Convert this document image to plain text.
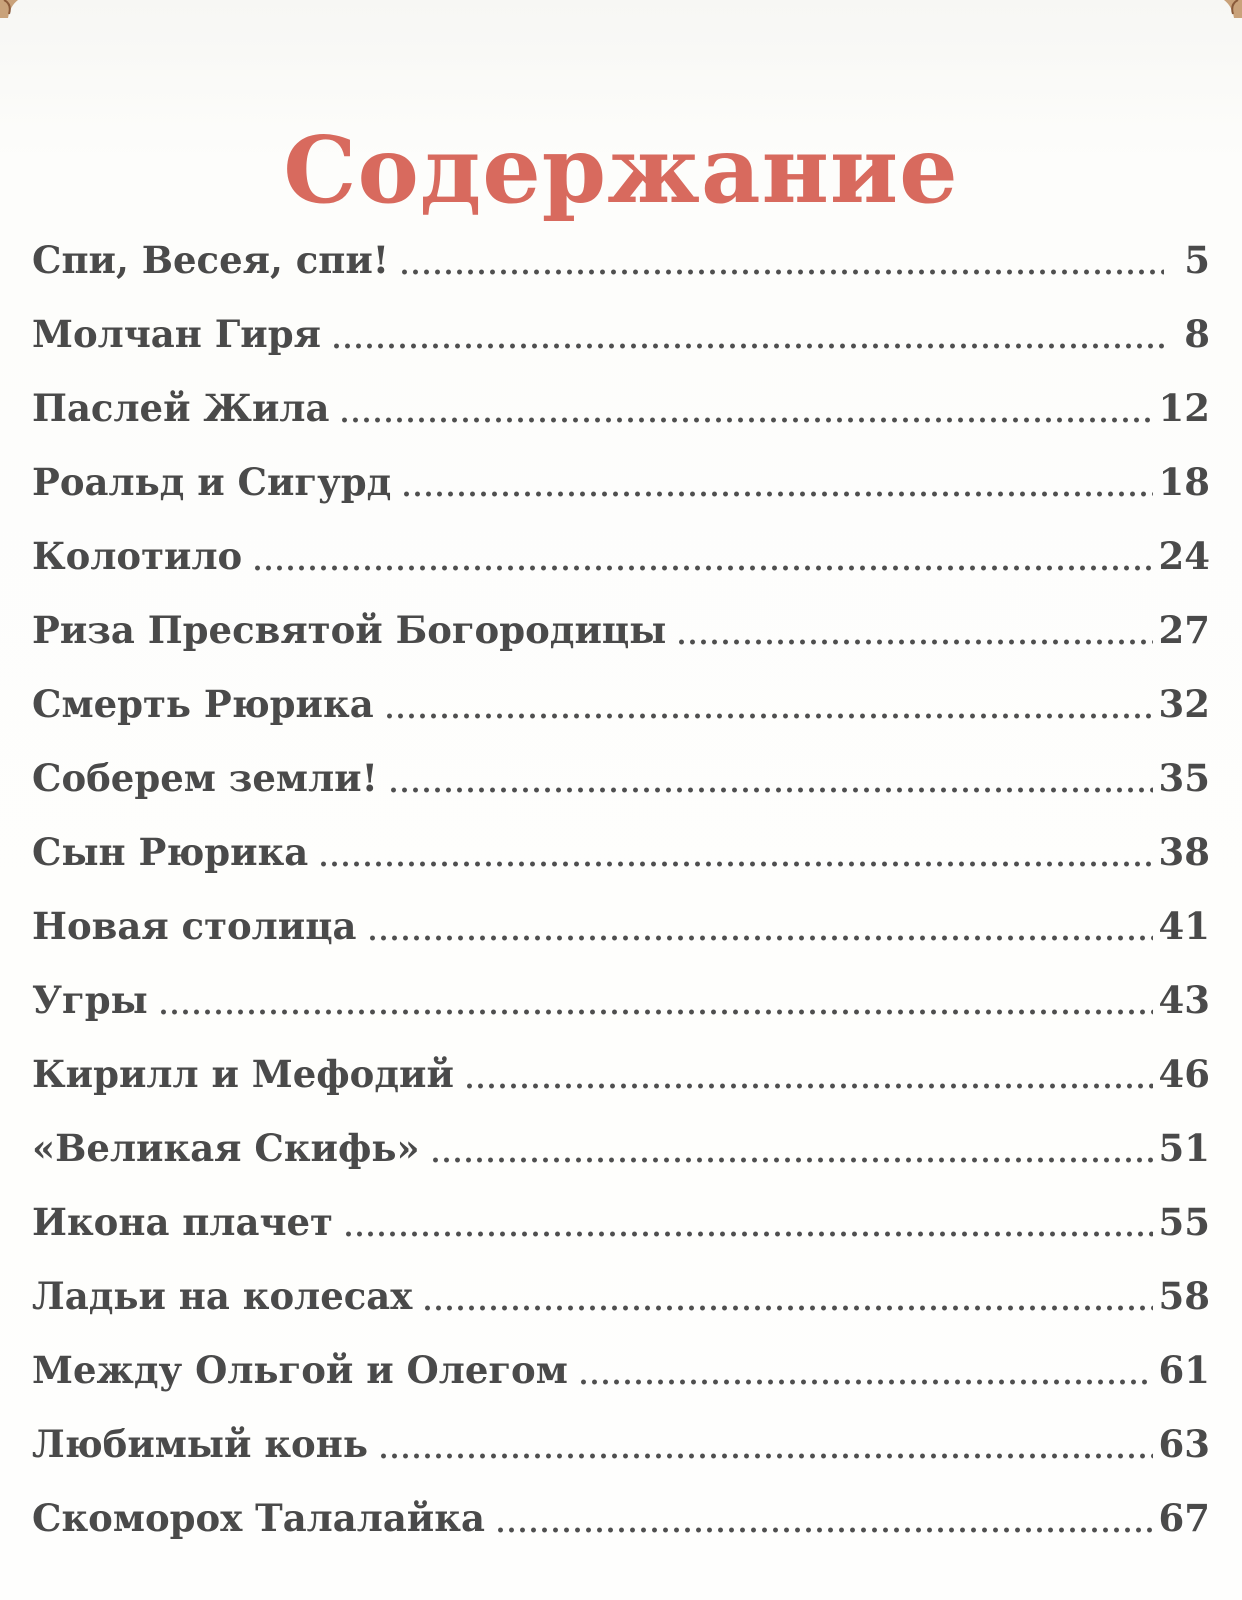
Содержание
Спи, Весея, спи!	5
Молчан Гиря	8
Паслей Жила	12
Роальд и Сигурд	18
Колотило	24
Риза Пресвятой Богородицы	27
Смерть Рюрика	32
Соберем земли!	35
Сын Рюрика	38
Новая столица	41
Угры	43
Кирилл и Мефодий	46
«Великая Скифь»	51
Икона плачет	55
Ладьи на колесах	58
Между Ольгой и Олегом	61
Любимый конь	63
Скоморох Талалайка	67
